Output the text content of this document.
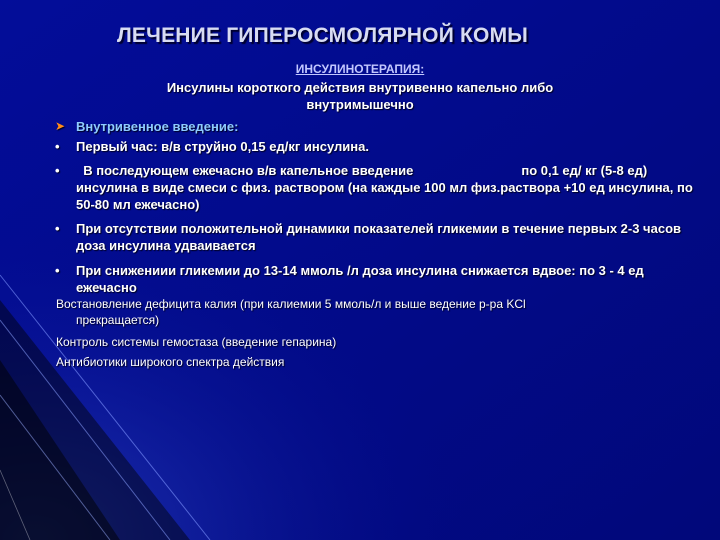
ЛЕЧЕНИЕ ГИПЕРОСМОЛЯРНОЙ КОМЫ
ИНСУЛИНОТЕРАПИЯ:
Инсулины короткого действия внутривенно капельно либо внутримышечно
➤ Внутривенное введение:
• Первый час: в/в струйно 0,15 ед/кг инсулина.
•	В последующем ежечасно в/в капельное введение	по 0,1 ед/ кг (5-8 ед) инсулина в виде смеси с физ. раствором (на каждые 100 мл физ.раствора +10 ед инсулина, по 50-80 мл ежечасно)
• При отсутствии положительной динамики показателей гликемии в течение первых 2-3 часов доза инсулина удваивается
• При снижениии гликемии до 13-14 ммоль /л доза инсулина снижается вдвое: по 3 - 4 ед ежечасно
Востановление дефицита калия (при калиемии 5 ммоль/л и выше ведение р-ра KCl
прекращается)
Контроль системы гемостаза (введение гепарина)
Антибиотики широкого спектра действия
